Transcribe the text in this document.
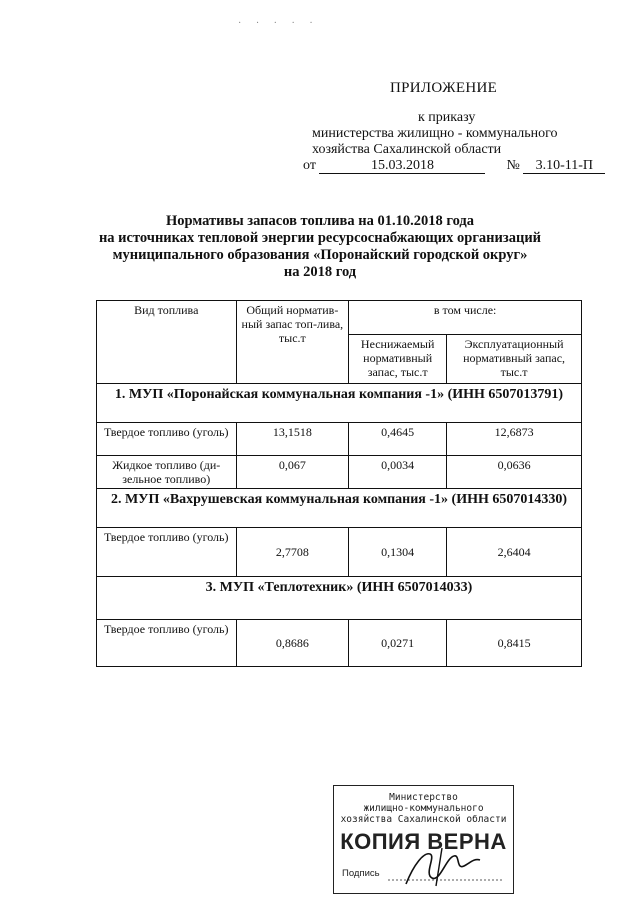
· · · · ·
ПРИЛОЖЕНИЕ
к приказу
министерства жилищно - коммунального
хозяйства Сахалинской области
от	15.03.2018	№ 3.10-11-П
Нормативы запасов топлива на 01.10.2018 года
на источниках тепловой энергии ресурсоснабжающих организаций
муниципального образования «Поронайский городской округ»
на 2018 год
Вид топлива	Общий норматив-ный запас топ-лива, тыс.т	в том числе:	
		Неснижаемый нормативный запас, тыс.т	Эксплуатационный нормативный запас, тыс.т
1. МУП «Поронайская коммунальная компания -1» (ИНН 6507013791)			
Твердое топливо (уголь)	13,1518	0,4645	12,6873
Жидкое топливо (ди-зельное топливо)	0,067	0,0034	0,0636
2. МУП «Вахрушевская коммунальная компания -1» (ИНН 6507014330)			
Твердое топливо (уголь)	2,7708	0,1304	2,6404
3. МУП «Теплотехник» (ИНН 6507014033)			
Твердое топливо (уголь)	0,8686	0,0271	0,8415
Министерство
жилищно-коммунального
хозяйства Сахалинской области
КОПИЯ ВЕРНА
Подпись
